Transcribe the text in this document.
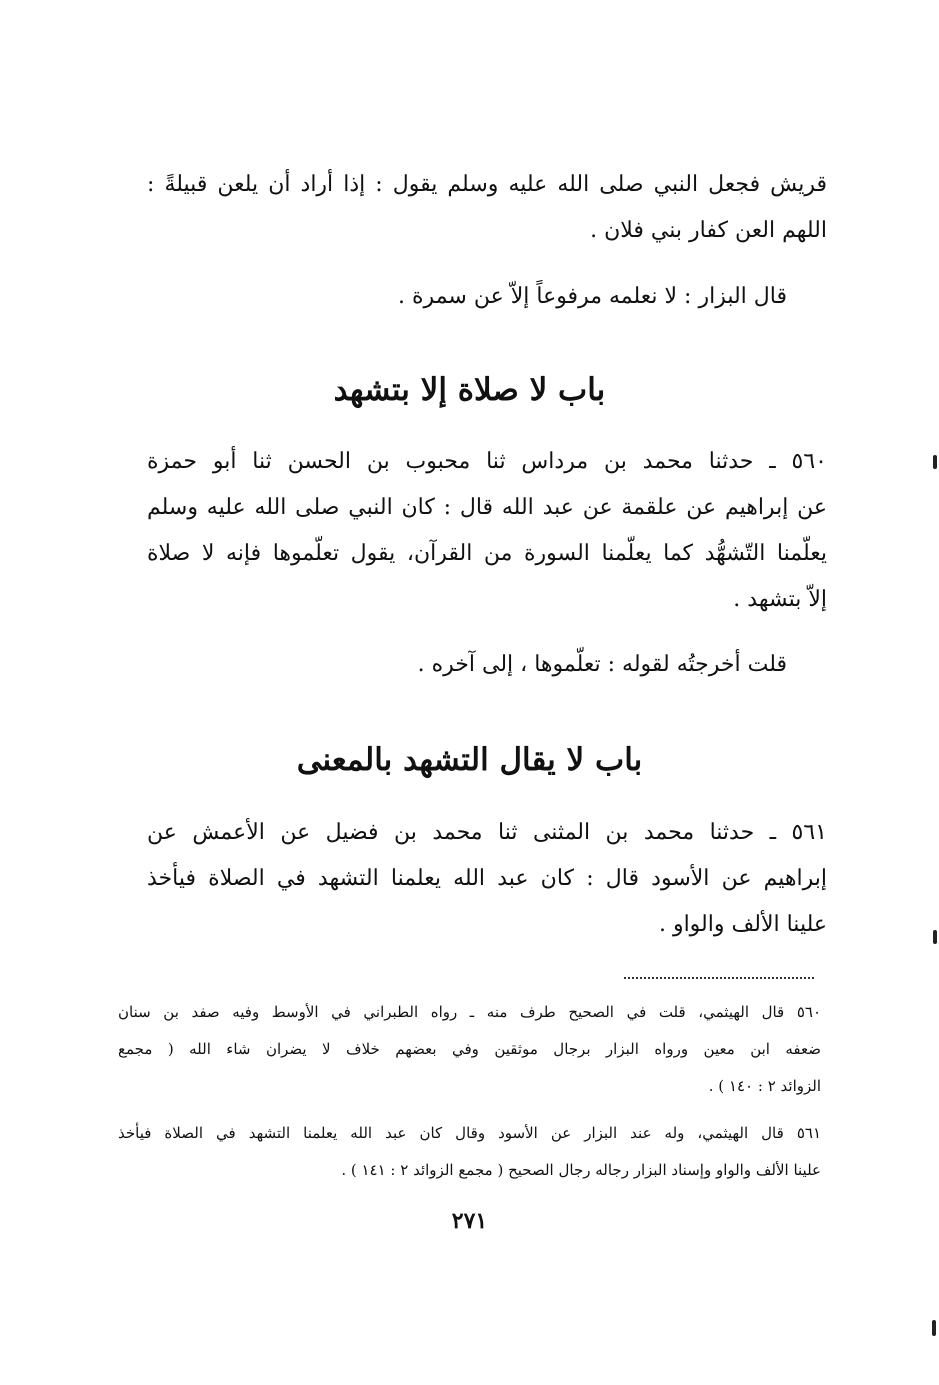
قريش فجعل النبي صلى الله عليه وسلم يقول : إذا أراد أن يلعن قبيلةً :
اللهم العن كفار بني فلان .
قال البزار : لا نعلمه مرفوعاً إلاّ عن سمرة .
باب لا صلاة إلا بتشهد
٥٦٠ ـ حدثنا محمد بن مرداس ثنا محبوب بن الحسن ثنا أبو حمزة
عن إبراهيم عن علقمة عن عبد الله قال : كان النبي صلى الله عليه وسلم
يعلّمنا التّشهُّد كما يعلّمنا السورة من القرآن، يقول تعلّموها فإنه لا صلاة
إلاّ بتشهد .
قلت أخرجتُه لقوله : تعلّموها ، إلى آخره .
باب لا يقال التشهد بالمعنى
٥٦١ ـ حدثنا محمد بن المثنى ثنا محمد بن فضيل عن الأعمش عن
إبراهيم عن الأسود قال : كان عبد الله يعلمنا التشهد في الصلاة فيأخذ
علينا الألف والواو .
٥٦٠ قال الهيثمي، قلت في الصحيح طرف منه ـ رواه الطبراني في الأوسط وفيه صفد بن سنان
ضعفه ابن معين ورواه البزار برجال موثقين وفي بعضهم خلاف لا يضران شاء الله ( مجمع
الزوائد ٢ : ١٤٠ ) .
٥٦١ قال الهيثمي، وله عند البزار عن الأسود وقال كان عبد الله يعلمنا التشهد في الصلاة فيأخذ
علينا الألف والواو وإسناد البزار رجاله رجال الصحيح ( مجمع الزوائد ٢ : ١٤١ ) .
٢٧١
